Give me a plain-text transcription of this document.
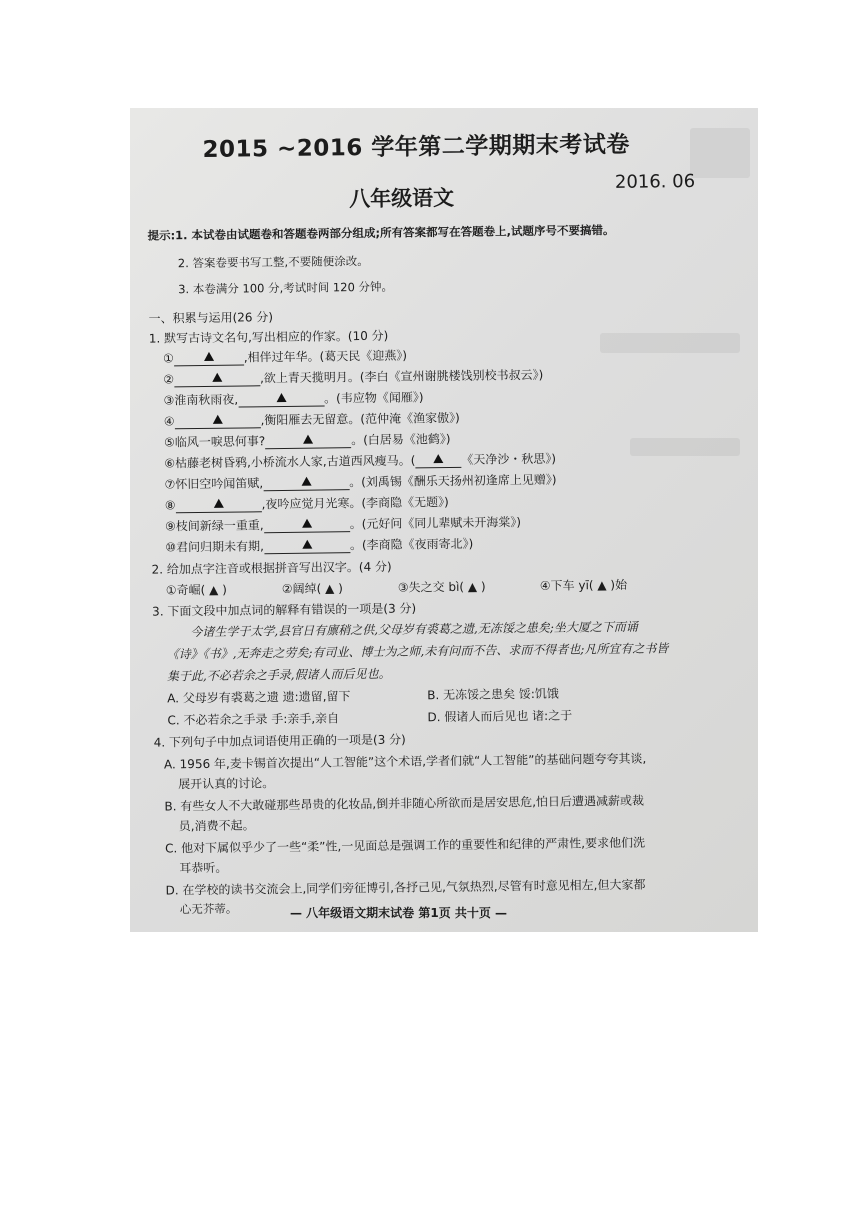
2015 ~2016 学年第二学期期末考试卷
八年级语文
2016. 06
提示:1. 本试卷由试题卷和答题卷两部分组成;所有答案都写在答题卷上,试题序号不要搞错。
2. 答案卷要书写工整,不要随便涂改。
3. 本卷满分 100 分,考试时间 120 分钟。
一、积累与运用(26 分)
1. 默写古诗文名句,写出相应的作家。(10 分)
①	,相伴过年华。(葛天民《迎燕》)
②	,欲上青天揽明月。(李白《宣州谢朓楼饯别校书叔云》)
③淮南秋雨夜,	。(韦应物《闻雁》)
④	,衡阳雁去无留意。(范仲淹《渔家傲》)
⑤临风一唳思何事?	。(白居易《池鹤》)
⑥枯藤老树昏鸦,小桥流水人家,古道西风瘦马。(	《天净沙・秋思》)
⑦怀旧空吟闻笛赋,	。(刘禹锡《酬乐天扬州初逢席上见赠》)
⑧	,夜吟应觉月光寒。(李商隐《无题》)
⑨枝间新绿一重重,	。(元好问《同儿辈赋未开海棠》)
⑩君问归期未有期,	。(李商隐《夜雨寄北》)
2. 给加点字注音或根据拼音写出汉字。(4 分)
①奇崛( ▲ )	②阔绰( ▲ )	③失之交 bì( ▲ )	④下车 yī( ▲ )始
3. 下面文段中加点词的解释有错误的一项是(3 分)
今诸生学于太学,县官日有廪稍之供,父母岁有裘葛之遗,无冻馁之患矣;坐大厦之下而诵
《诗》《书》,无奔走之劳矣;有司业、博士为之师,未有问而不告、求而不得者也;凡所宜有之书皆
集于此,不必若余之手录,假诸人而后见也。
A. 父母岁有裘葛之遗 遗:遗留,留下	B. 无冻馁之患矣 馁:饥饿
C. 不必若余之手录 手:亲手,亲自	D. 假诸人而后见也 诸:之于
4. 下列句子中加点词语使用正确的一项是(3 分)
A. 1956 年,麦卡锡首次提出“人工智能”这个术语,学者们就“人工智能”的基础问题夸夸其谈,
展开认真的讨论。
B. 有些女人不大敢碰那些昂贵的化妆品,倒并非随心所欲而是居安思危,怕日后遭遇减薪或裁
员,消费不起。
C. 他对下属似乎少了一些“柔”性,一见面总是强调工作的重要性和纪律的严肃性,要求他们洗
耳恭听。
D. 在学校的读书交流会上,同学们旁征博引,各抒己见,气氛热烈,尽管有时意见相左,但大家都
心无芥蒂。	— 八年级语文期末试卷 第1页 共十页 —
